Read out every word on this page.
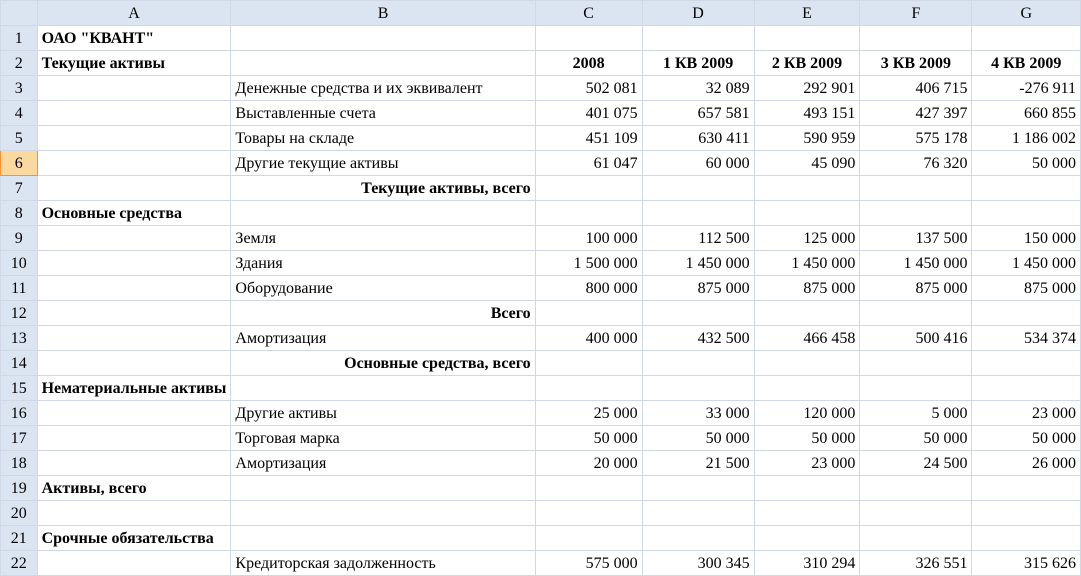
	A	B	C	D	E	F	G
1	ОАО "КВАНТ"						
2	Текущие активы		2008	1 КВ 2009	2 КВ 2009	3 КВ 2009	4 КВ 2009
3		Денежные средства и их эквивалент	502 081	32 089	292 901	406 715	-276 911
4		Выставленные счета	401 075	657 581	493 151	427 397	660 855
5		Товары на складе	451 109	630 411	590 959	575 178	1 186 002
6		Другие текущие активы	61 047	60 000	45 090	76 320	50 000
7		Текущие активы, всего					
8	Основные средства						
9		Земля	100 000	112 500	125 000	137 500	150 000
10		Здания	1 500 000	1 450 000	1 450 000	1 450 000	1 450 000
11		Оборудование	800 000	875 000	875 000	875 000	875 000
12		Всего					
13		Амортизация	400 000	432 500	466 458	500 416	534 374
14		Основные средства, всего					
15	Нематериальные активы						
16		Другие активы	25 000	33 000	120 000	5 000	23 000
17		Торговая марка	50 000	50 000	50 000	50 000	50 000
18		Амортизация	20 000	21 500	23 000	24 500	26 000
19	Активы, всего						
20							
21	Срочные обязательства						
22		Кредиторская задолженность	575 000	300 345	310 294	326 551	315 626
